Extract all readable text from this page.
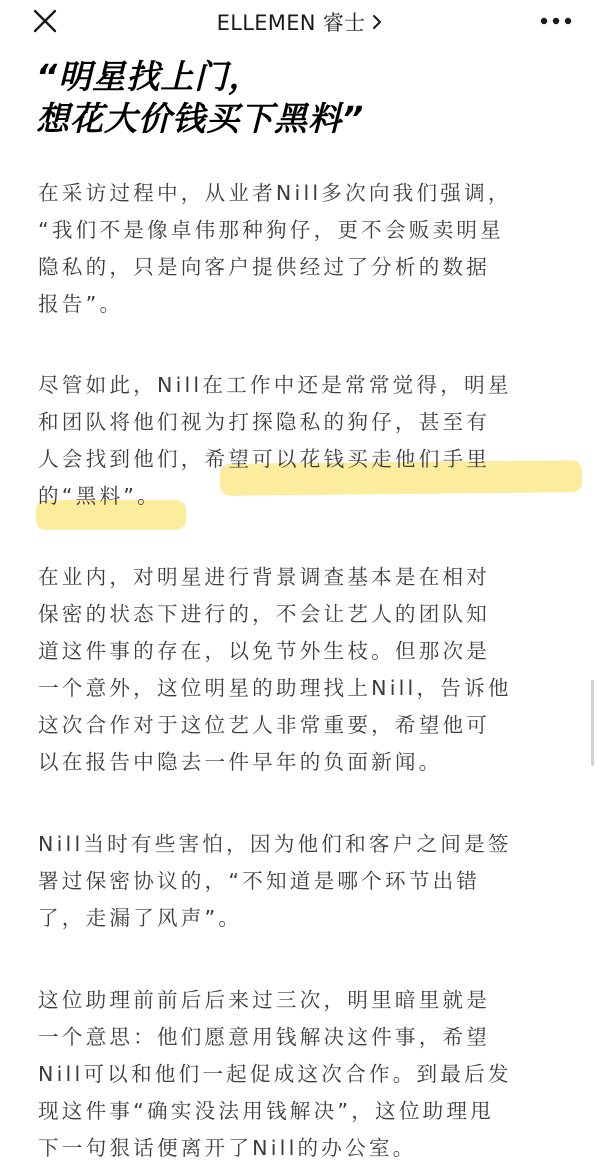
ELLEMEN 睿士
“明星找上门，
想花大价钱买下黑料”
在采访过程中，从业者Nill多次向我们强调，
“我们不是像卓伟那种狗仔，更不会贩卖明星
隐私的，只是向客户提供经过了分析的数据
报告”。
尽管如此，Nill在工作中还是常常觉得，明星
和团队将他们视为打探隐私的狗仔，甚至有
人会找到他们，希望可以花钱买走他们手里
的“黑料”。
在业内，对明星进行背景调查基本是在相对
保密的状态下进行的，不会让艺人的团队知
道这件事的存在，以免节外生枝。但那次是
一个意外，这位明星的助理找上Nill，告诉他
这次合作对于这位艺人非常重要，希望他可
以在报告中隐去一件早年的负面新闻。
Nill当时有些害怕，因为他们和客户之间是签
署过保密协议的，“不知道是哪个环节出错
了，走漏了风声”。
这位助理前前后后来过三次，明里暗里就是
一个意思：他们愿意用钱解决这件事，希望
Nill可以和他们一起促成这次合作。到最后发
现这件事“确实没法用钱解决”，这位助理甩
下一句狠话便离开了Nill的办公室。
